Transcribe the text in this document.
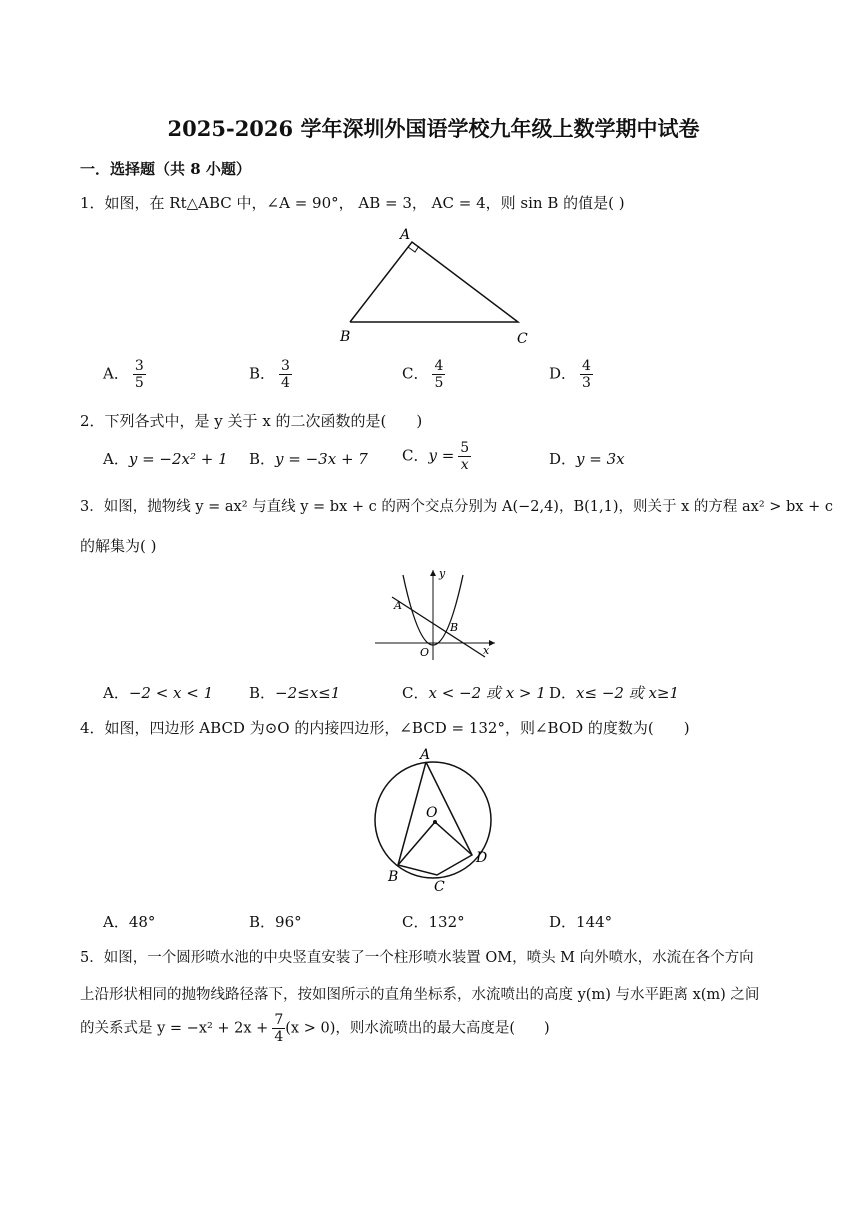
2025-2026 学年深圳外国语学校九年级上数学期中试卷
一．选择题（共 8 小题）
1．如图，在 Rt△ABC 中，∠A = 90°， AB = 3， AC = 4，则 sin B 的值是( )
A
B	C
A． $\frac{3}{5}$	B． $\frac{3}{4}$	C． $\frac{4}{5}$	D． $\frac{4}{3}$
2．下列各式中，是 y 关于 x 的二次函数的是(　　)
A．y = −2x² + 1 B．y = −3x + 7 C．$y = \frac{5}{x}$	D．y = 3x
3．如图，抛物线 y = ax² 与直线 y = bx + c 的两个交点分别为 A(−2,4)，B(1,1)，则关于 x 的方程 ax² > bx + c
的解集为( )
y
x
O
A
B
A．−2 < x < 1 B．−2≤x≤1	C．x < −2 或 x > 1 D．x≤ −2 或 x≥1
4．如图，四边形 ABCD 为⊙O 的内接四边形，∠BCD = 132°，则∠BOD 的度数为(　　)
A
O
B
C
D
A．48°	B．96°	C．132°	D．144°
5．如图，一个圆形喷水池的中央竖直安装了一个柱形喷水装置 OM，喷头 M 向外喷水，水流在各个方向
上沿形状相同的抛物线路径落下，按如图所示的直角坐标系，水流喷出的高度 y(m) 与水平距离 x(m) 之间
的关系式是 $y = -x^2 + 2x + \frac{7}{4} (x > 0)$，则水流喷出的最大高度是(　　)
